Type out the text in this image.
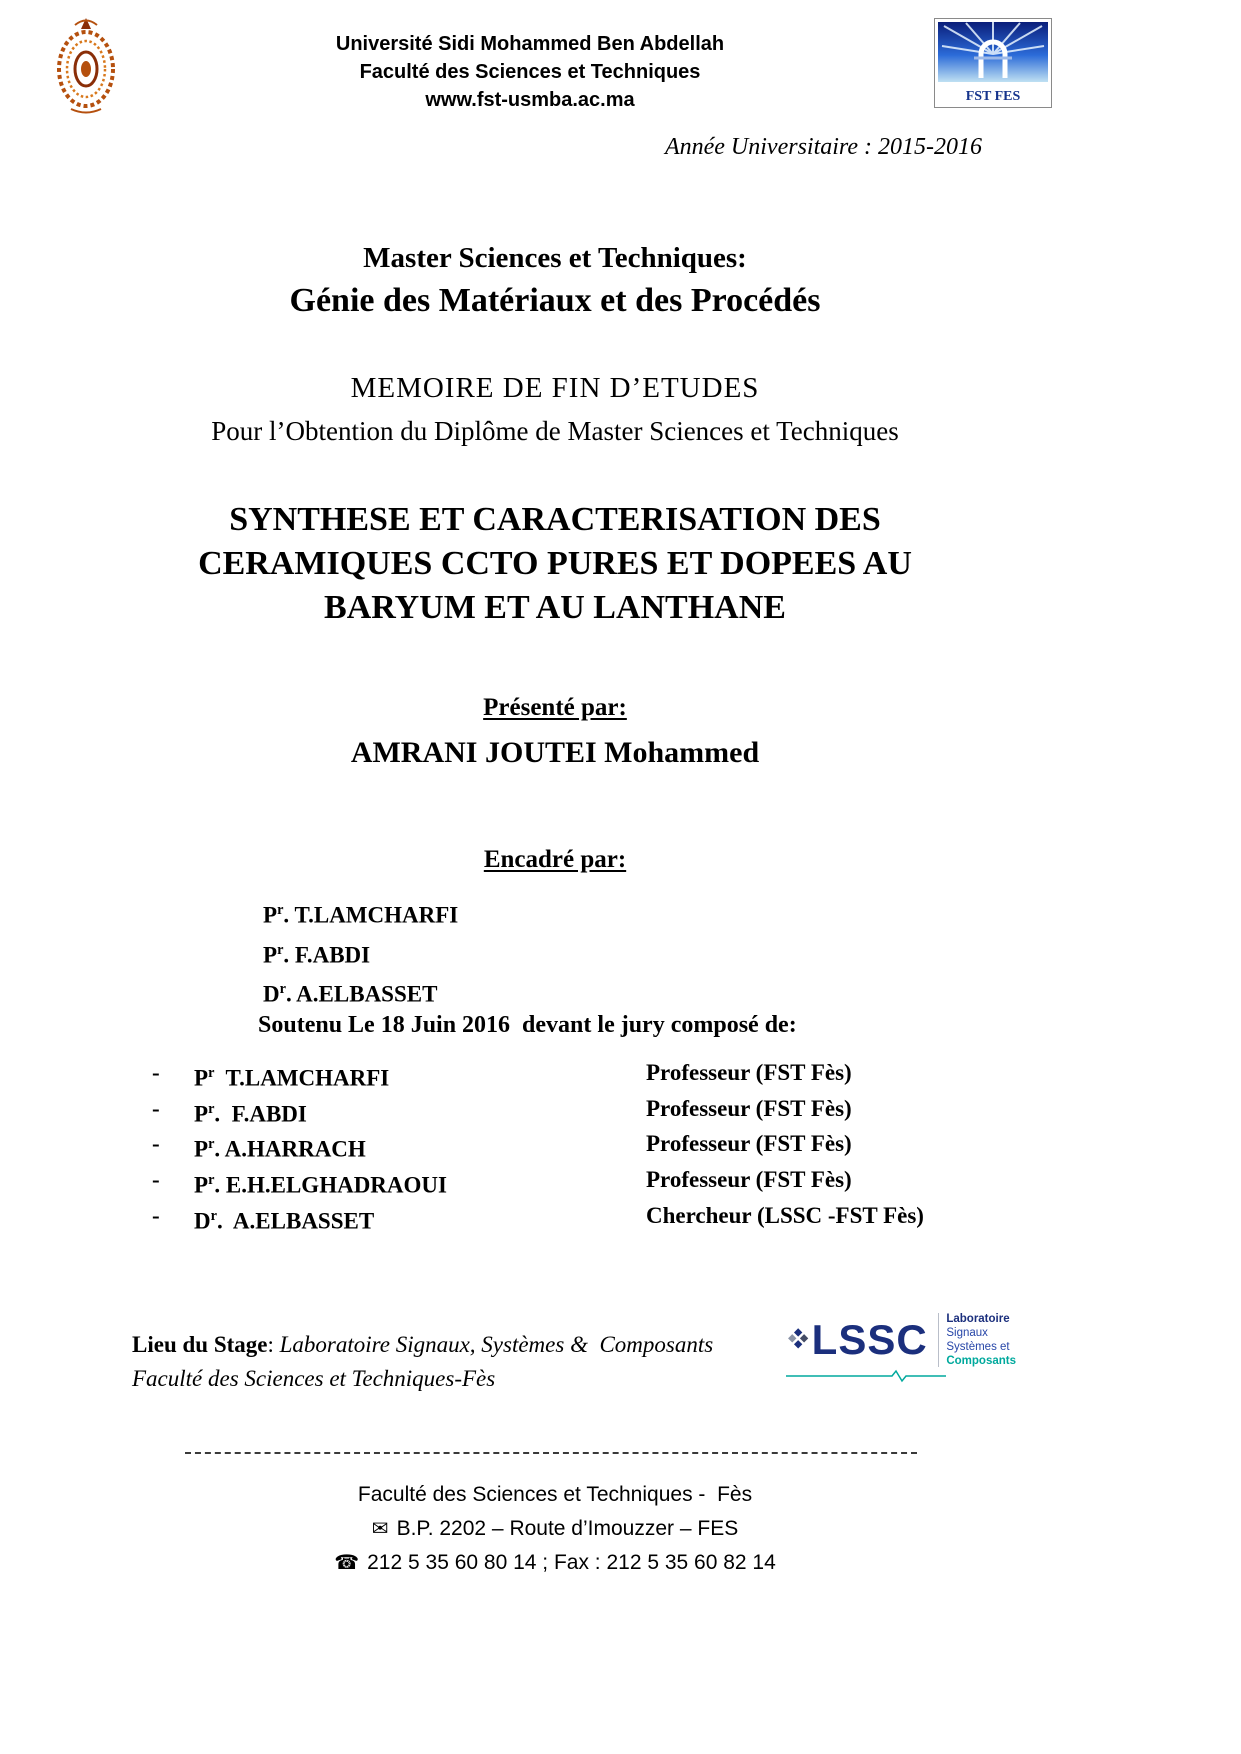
Université Sidi Mohammed Ben Abdellah
Faculté des Sciences et Techniques
www.fst-usmba.ac.ma	FST FES
Année Universitaire : 2015-2016
Master Sciences et Techniques:
Génie des Matériaux et des Procédés
MEMOIRE DE FIN D’ETUDES
Pour l’Obtention du Diplôme de Master Sciences et Techniques
SYNTHESE ET CARACTERISATION DES
CERAMIQUES CCTO PURES ET DOPEES AU
BARYUM ET AU LANTHANE
Présenté par:
AMRANI JOUTEI Mohammed
Encadré par:
$P^r$. T.LAMCHARFI
$P^r$. F.ABDI
$D^r$. A.ELBASSET
Soutenu Le 18 Juin 2016  devant le jury composé de:
-	$P^r$  T.LAMCHARFI	Professeur (FST Fès)
-	$P^r$.  F.ABDI	Professeur (FST Fès)
-	$P^r$. A.HARRACH	Professeur (FST Fès)
-	$P^r$. E.H.ELGHADRAOUI	Professeur (FST Fès)
-	$D^r$.  A.ELBASSET	Chercheur (LSSC -FST Fès)
Lieu du Stage: Laboratoire Signaux, Systèmes &  Composants
Faculté des Sciences et Techniques-Fès
LSSC Laboratoire
Signaux
Systèmes et
Composants
Faculté des Sciences et Techniques -  Fès
✉ B.P. 2202 – Route d’Imouzzer – FES
☎ 212 5 35 60 80 14 ; Fax : 212 5 35 60 82 14
